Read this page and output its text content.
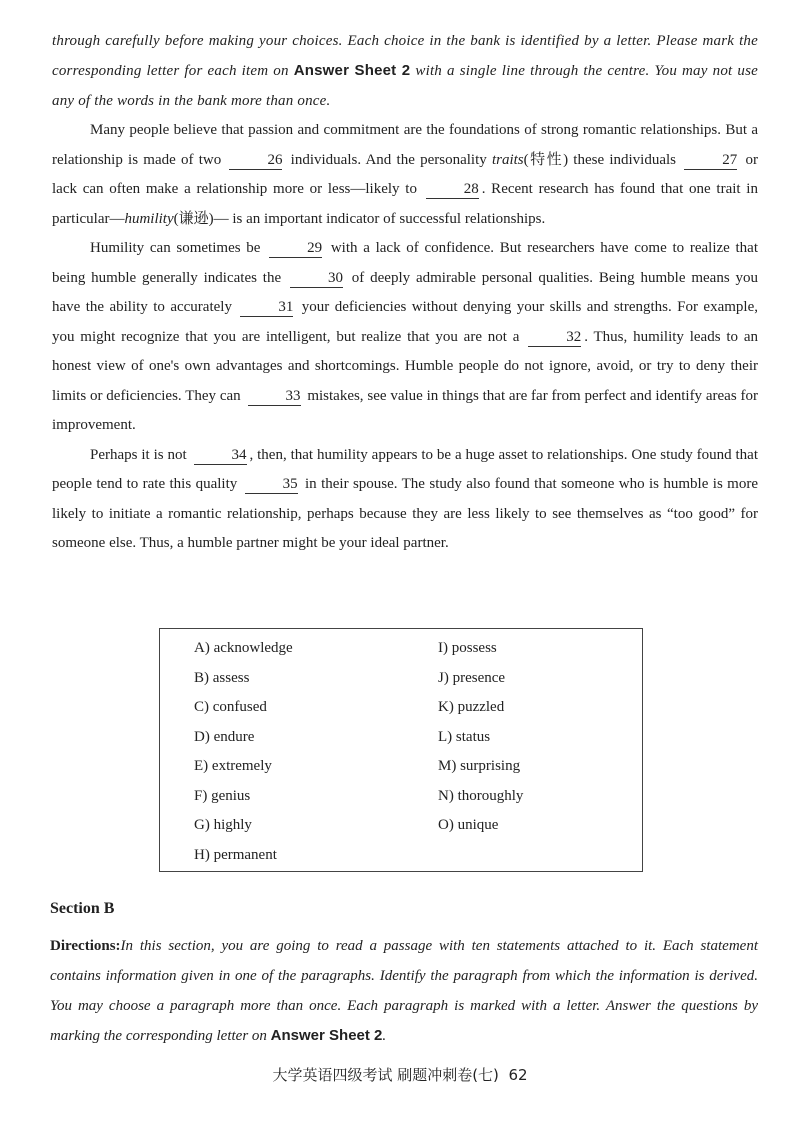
through carefully before making your choices. Each choice in the bank is identified by a letter. Please mark the corresponding letter for each item on Answer Sheet 2 with a single line through the centre. You may not use any of the words in the bank more than once.

Many people believe that passion and commitment are the foundations of strong romantic relationships. But a relationship is made of two	26 individuals. And the personality traits(特性) these individuals	27 or lack can often make a relationship more or less—likely to	28 . Recent research has found that one trait in particular—humility(谦逊)— is an important indicator of successful relationships.

Humility can sometimes be	29 with a lack of confidence. But researchers have come to realize that being humble generally indicates the	30 of deeply admirable personal qualities. Being humble means you have the ability to accurately	31 your deficiencies without denying your skills and strengths. For example, you might recognize that you are intelligent, but realize that you are not a	32 . Thus, humility leads to an honest view of one's own advantages and shortcomings. Humble people do not ignore, avoid, or try to deny their limits or deficiencies. They can	33 mistakes, see value in things that are far from perfect and identify areas for improvement.

Perhaps it is not	34 , then, that humility appears to be a huge asset to relationships. One study found that people tend to rate this quality	35 in their spouse. The study also found that someone who is humble is more likely to initiate a romantic relationship, perhaps because they are less likely to see themselves as “too good” for someone else. Thus, a humble partner might be your ideal partner.

A) acknowledge
B) assess
C) confused
D) endure
E) extremely
F) genius
G) highly
H) permanent
I) possess
J) presence
K) puzzled
L) status
M) surprising
N) thoroughly
O) unique
Section B
Directions:In this section, you are going to read a passage with ten statements attached to it. Each statement contains information given in one of the paragraphs. Identify the paragraph from which the information is derived. You may choose a paragraph more than once. Each paragraph is marked with a letter. Answer the questions by marking the corresponding letter on Answer Sheet 2.
大学英语四级考试 刷题冲刺卷(七) 62
